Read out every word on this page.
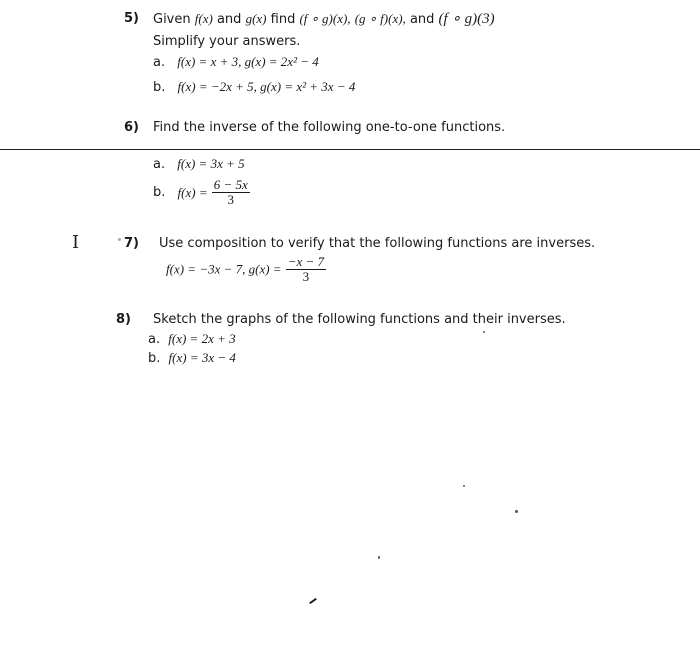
5) Given f(x) and g(x) find (f ∘ g)(x), (g ∘ f)(x), and (f ∘ g)(3)
Simplify your answers.
a. f(x) = x + 3, g(x) = 2x² − 4
b. f(x) = −2x + 5, g(x) = x² + 3x − 4
6) Find the inverse of the following one-to-one functions.
a. f(x) = 3x + 5
b. $f(x) = \frac{6 - 5x}{3}$
I	7) Use composition to verify that the following functions are inverses.
f(x) = −3x − 7, $g(x) = \frac{-x - 7}{3}$
8) Sketch the graphs of the following functions and their inverses.
a. f(x) = 2x + 3
b. f(x) = 3x − 4
